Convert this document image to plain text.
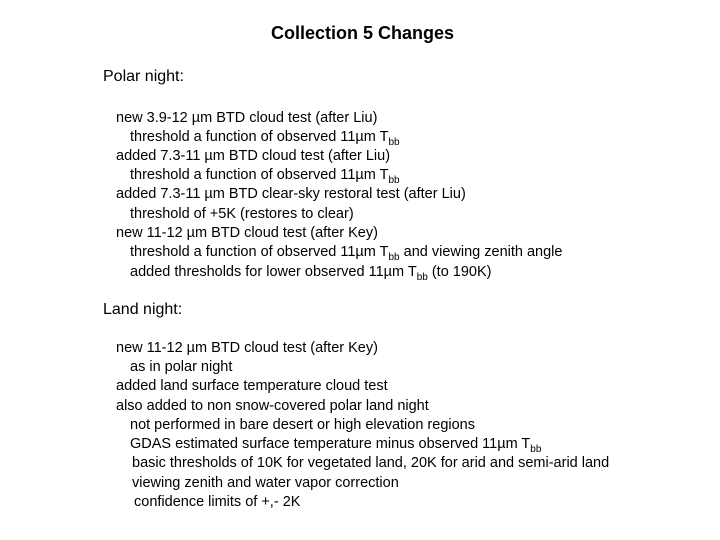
Collection 5 Changes
Polar night:
new 3.9-12 µm BTD cloud test (after Liu)
threshold a function of observed 11µm $T_{bb}$
added 7.3-11 µm BTD cloud test (after Liu)
threshold a function of observed 11µm $T_{bb}$
added 7.3-11 µm BTD clear-sky restoral test (after Liu)
threshold of +5K (restores to clear)
new 11-12 µm BTD cloud test (after Key)
threshold a function of observed 11µm $T_{bb}$ and viewing zenith angle
added thresholds for lower observed 11µm $T_{bb}$ (to 190K)
Land night:
new 11-12 µm BTD cloud test (after Key)
as in polar night
added land surface temperature cloud test
also added to non snow-covered polar land night
not performed in bare desert or high elevation regions
GDAS estimated surface temperature minus observed 11µm $T_{bb}$
basic thresholds of 10K for vegetated land, 20K for arid and semi-arid land
viewing zenith and water vapor correction
confidence limits of +,- 2K
